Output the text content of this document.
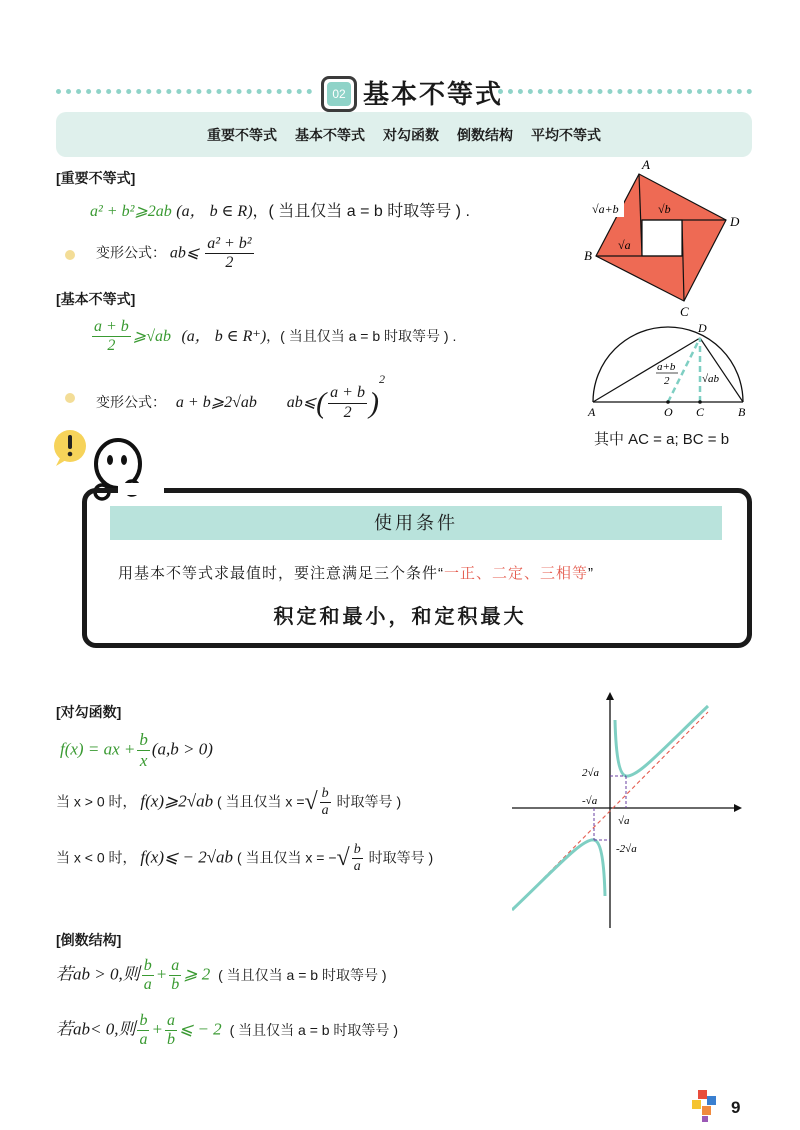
02 基本不等式
重要不等式 基本不等式 对勾函数 倒数结构 平均不等式
[重要不等式]
a² + b²⩾2ab (a， b ∈ R)，( 当且仅当 a = b 时取等号 ) .
变形公式： ab⩽ $\frac{\text{a² + b²}}{2}$
[基本不等式]
$\frac{a + b}{2}$ ⩾√ab (a， b ∈ R⁺)，( 当且仅当 a = b 时取等号 ) .
变形公式： a + b⩾2√ab ab⩽( $\frac{a + b}{2} )^2$
√a+b	√b
√a
A
B
C
D
a+b
2	√ab
A	O C	B
D
其中 AC = a; BC = b
使用条件
用基本不等式求最值时，要注意满足三个条件“一正、二定、三相等”
积定和最小，和定积最大
[对勾函数]
f(x) = ax + $\frac{b}{x} (a,b > 0)$
当 x > 0 时， f(x)⩾2√ab ( 当且仅当 x =√ $\frac{b}{a}$ 时取等号 )
当 x < 0 时， f(x)⩽ − 2√ab ( 当且仅当 x = −√ $\frac{b}{a}$ 时取等号 )
2√a
-√a
√a
-2√a
[倒数结构]
若ab > 0,则 $\frac{b}{a} + \frac{a}{b}$ ⩾ 2 ( 当且仅当 a = b 时取等号 )
若ab< 0,则 $\frac{b}{a} + \frac{a}{b}$ ⩽ − 2 ( 当且仅当 a = b 时取等号 )
9
